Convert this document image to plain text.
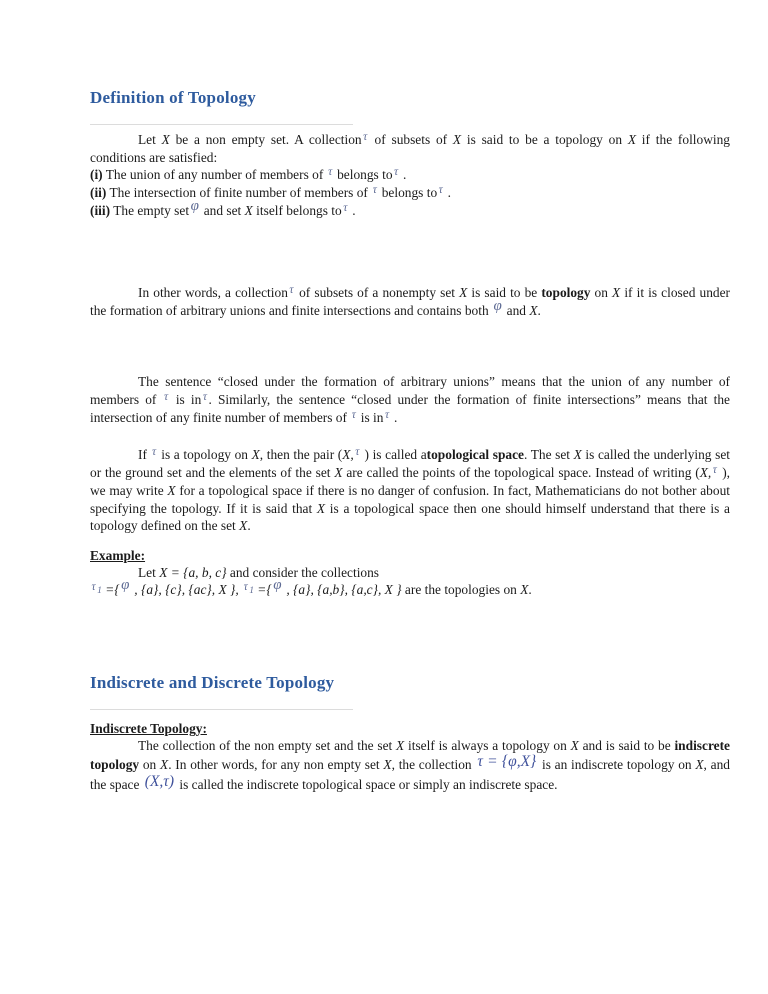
Definition of Topology

Let X be a non empty set. A collection τ of subsets of X is said to be a topology on X if the following conditions are satisfied:

(i) The union of any number of members of τ belongs to τ .

(ii) The intersection of finite number of members of τ belongs to τ .

(iii) The empty set φ and set X itself belongs to τ .

In other words, a collection τ of subsets of a nonempty set X is said to be topology on X if it is closed under the formation of arbitrary unions and finite intersections and contains both φ and X.

The sentence “closed under the formation of arbitrary unions” means that the union of any number of members of τ is in τ . Similarly, the sentence “closed under the formation of finite intersections” means that the intersection of any finite number of members of τ is in τ .

If τ is a topology on X, then the pair (X, τ ) is called atopological space. The set X is called the underlying set or the ground set and the elements of the set X are called the points of the topological space. Instead of writing (X, τ ), we may write X for a topological space if there is no danger of confusion. In fact, Mathematicians do not bother about specifying the topology. If it is said that X is a topological space then one should himself understand that there is a topology defined on the set X.

Example:

Let X = {a, b, c} and consider the collections

τ 1 ={ φ , {a}, {c}, {ac}, X }, τ 1 ={ φ , {a}, {a,b}, {a,c}, X } are the topologies on X.

Indiscrete and Discrete Topology

Indiscrete Topology:

The collection of the non empty set and the set X itself is always a topology on X and is said to be indiscrete topology on X. In other words, for any non empty set X, the collection τ = {φ,X} is an indiscrete topology on X, and the space (X,τ) is called the indiscrete topological space or simply an indiscrete space.
